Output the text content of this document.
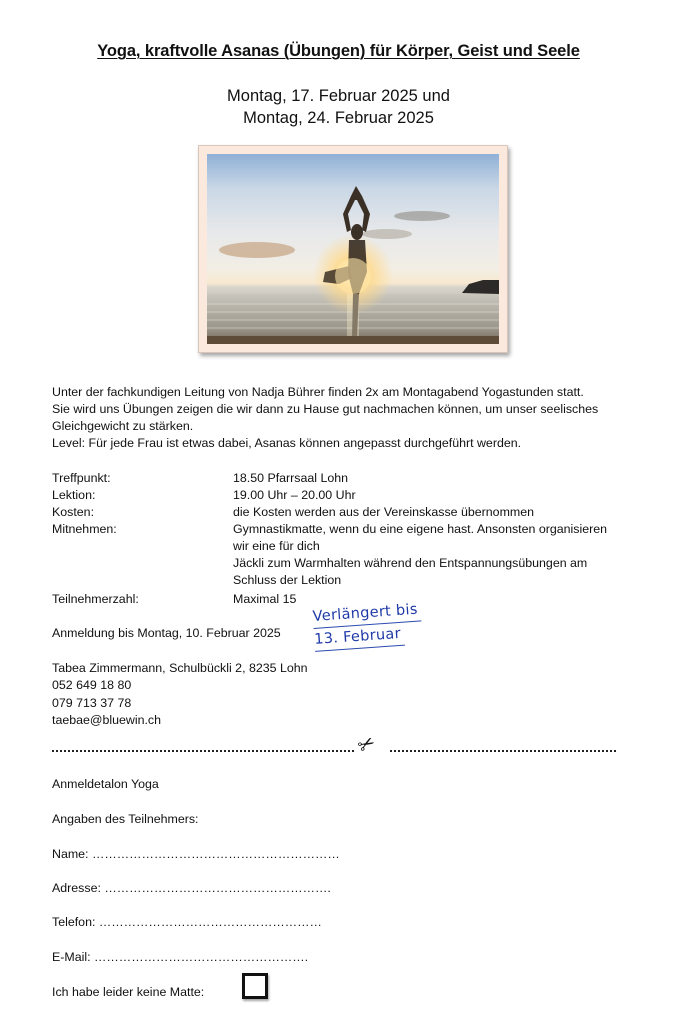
Yoga, kraftvolle Asanas (Übungen) für Körper, Geist und Seele
Montag, 17. Februar 2025 und
Montag, 24. Februar 2025
Unter der fachkundigen Leitung von Nadja Bührer finden 2x am Montagabend Yogastunden statt.
Sie wird uns Übungen zeigen die wir dann zu Hause gut nachmachen können, um unser seelisches
Gleichgewicht zu stärken.
Level: Für jede Frau ist etwas dabei, Asanas können angepasst durchgeführt werden.
Treffpunkt:	18.50 Pfarrsaal Lohn
Lektion:	19.00 Uhr – 20.00 Uhr
Kosten:	die Kosten werden aus der Vereinskasse übernommen
Mitnehmen:	Gymnastikmatte, wenn du eine eigene hast. Ansonsten organisieren
wir eine für dich
Jäckli zum Warmhalten während den Entspannungsübungen am
Schluss der Lektion
Teilnehmerzahl:	Maximal 15
Anmeldung bis Montag, 10. Februar 2025
Verlängert bis
13. Februar
Tabea Zimmermann, Schulbückli 2, 8235 Lohn
052 649 18 80
079 713 37 78
taebae@bluewin.ch
✂
Anmeldetalon Yoga
Angaben des Teilnehmers:
Name: ……………………………………………………
Adresse: ……………………………………………….
Telefon: ………………………………………………
E-Mail: …………………………………………….
Ich habe leider keine Matte:
